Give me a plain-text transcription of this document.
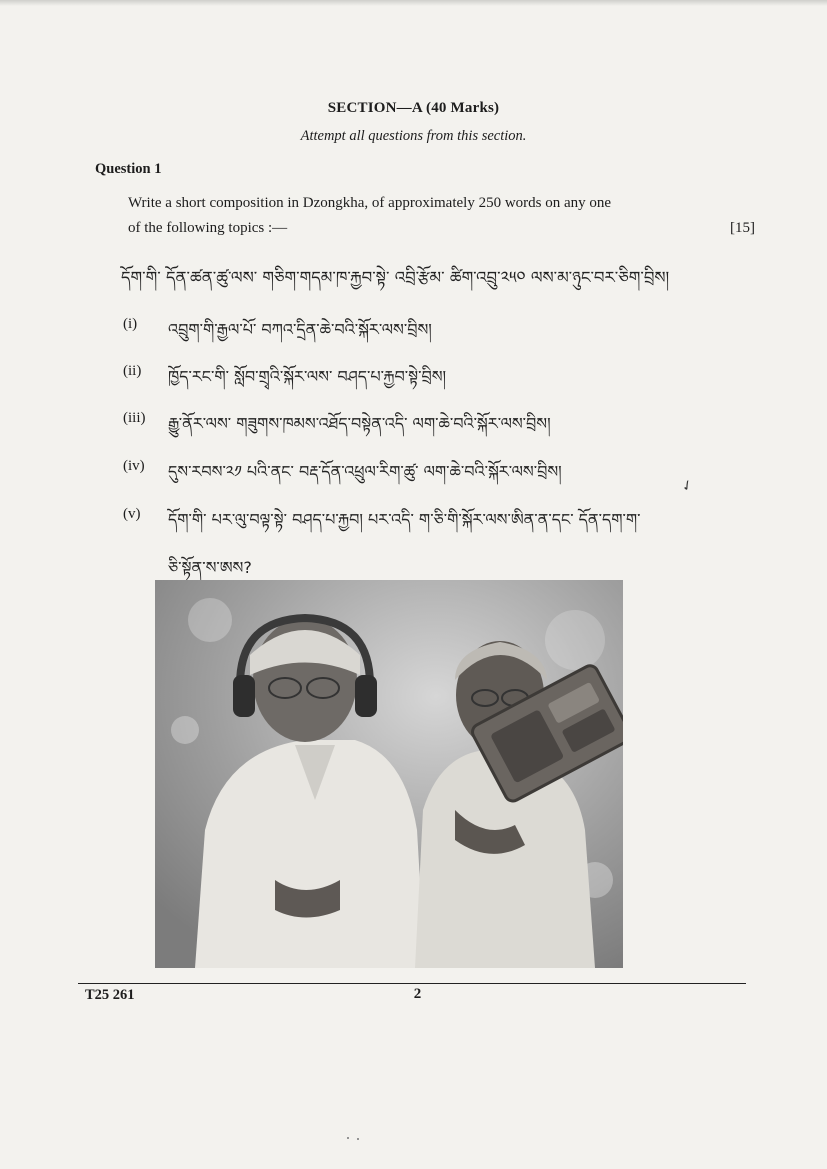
SECTION—A (40 Marks)
Attempt all questions from this section.
Question 1
Write a short composition in Dzongkha, of approximately 250 words on any one
of the following topics :—	[15]
དོག་གི་ དོན་ཚན་ཚུ་ལས་ གཅིག་གདམ་ཁ་རྐྱབ་སྟེ་ འབྲི་རྩོམ་ ཚིག་འབྲུ་༢༥༠ ལས་མ་ཉུང་བར་ཅིག་བྲིས།
(i) འབྲུག་གི་རྒྱལ་པོ་ བཀའ་དྲིན་ཆེ་བའི་སྐོར་ལས་བྲིས།
(ii) ཁྱོད་རང་གི་ སློབ་གྲྭའི་སྐོར་ལས་ བཤད་པ་རྐྱབ་སྟེ་བྲིས།
(iii) རྒྱུ་ནོར་ལས་ གཟུགས་ཁམས་འཐོད་བསྟེན་འདི་ ལག་ཆེ་བའི་སྐོར་ལས་བྲིས།
(iv) དུས་རབས་༢༡ པའི་ནང་ བརྡ་དོན་འཕྲུལ་རིག་ཚུ་ ལག་ཆེ་བའི་སྐོར་ལས་བྲིས།
(v) དོག་གི་ པར་ལུ་བལྟ་སྟེ་ བཤད་པ་རྐྱབ། པར་འདི་ ག་ཅི་གི་སྐོར་ལས་ཨིན་ན་དང་ དོན་དག་ག་
ཅི་སྟོན་ས་ཨས?
✓
T25 261	2
